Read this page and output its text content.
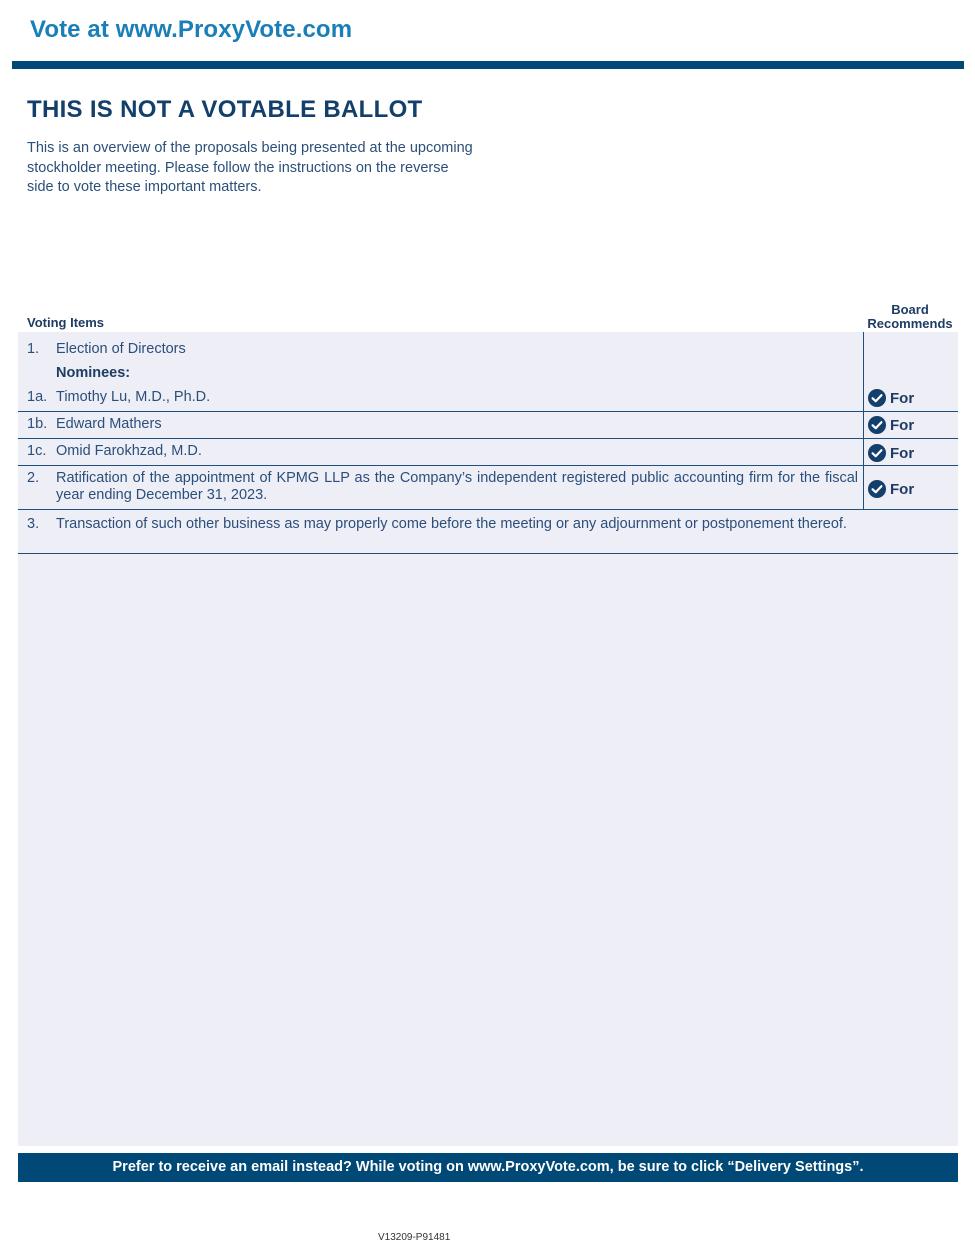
Vote at www.ProxyVote.com
THIS IS NOT A VOTABLE BALLOT
This is an overview of the proposals being presented at the upcoming stockholder meeting. Please follow the instructions on the reverse side to vote these important matters.
Voting Items
Board
Recommends
1. Election of Directors
Nominees:
1a. Timothy Lu, M.D., Ph.D.	For
1b. Edward Mathers	For
1c. Omid Farokhzad, M.D.	For
2. Ratification of the appointment of KPMG LLP as the Company’s independent registered public accounting firm for the fiscal year ending December 31, 2023.	For
3. Transaction of such other business as may properly come before the meeting or any adjournment or postponement thereof.
Prefer to receive an email instead? While voting on www.ProxyVote.com, be sure to click “Delivery Settings”.
V13209-P91481
